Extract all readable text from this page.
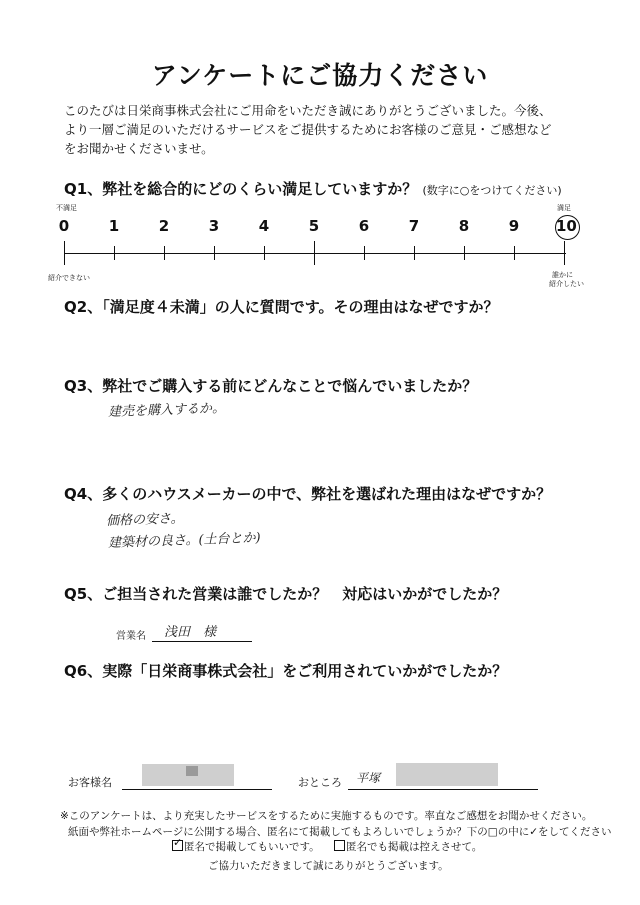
アンケートにご協力ください
このたびは日栄商事株式会社にご用命をいただき誠にありがとうございました。今後、
より一層ご満足のいただけるサービスをご提供するためにお客様のご意見・ご感想など
をお聞かせくださいませ。
Q1、弊社を総合的にどのくらい満足していますか？ (数字に○をつけてください)
不満足	満足
0	1	2	3	4	5	6	7	8	9	10
紹介できない	誰かに
紹介したい
Q2、「満足度４未満」の人に質問です。その理由はなぜですか？
Q3、弊社でご購入する前にどんなことで悩んでいましたか？
建売を購入するか。
Q4、多くのハウスメーカーの中で、弊社を選ばれた理由はなぜですか？
価格の安さ。
建築材の良さ。(土台とか)
Q5、ご担当された営業は誰でしたか？　対応はいかがでしたか？
営業名 浅田　様
Q6、実際「日栄商事株式会社」をご利用されていかがでしたか？
お客様名	おところ 平塚
※このアンケートは、より充実したサービスをするために実施するものです。率直なご感想をお聞かせください。
紙面や弊社ホームページに公開する場合、匿名にて掲載してもよろしいでしょうか？下の□の中に✓をしてください
✓ 匿名で掲載してもいいです。	匿名でも掲載は控えさせて。
ご協力いただきまして誠にありがとうございます。
